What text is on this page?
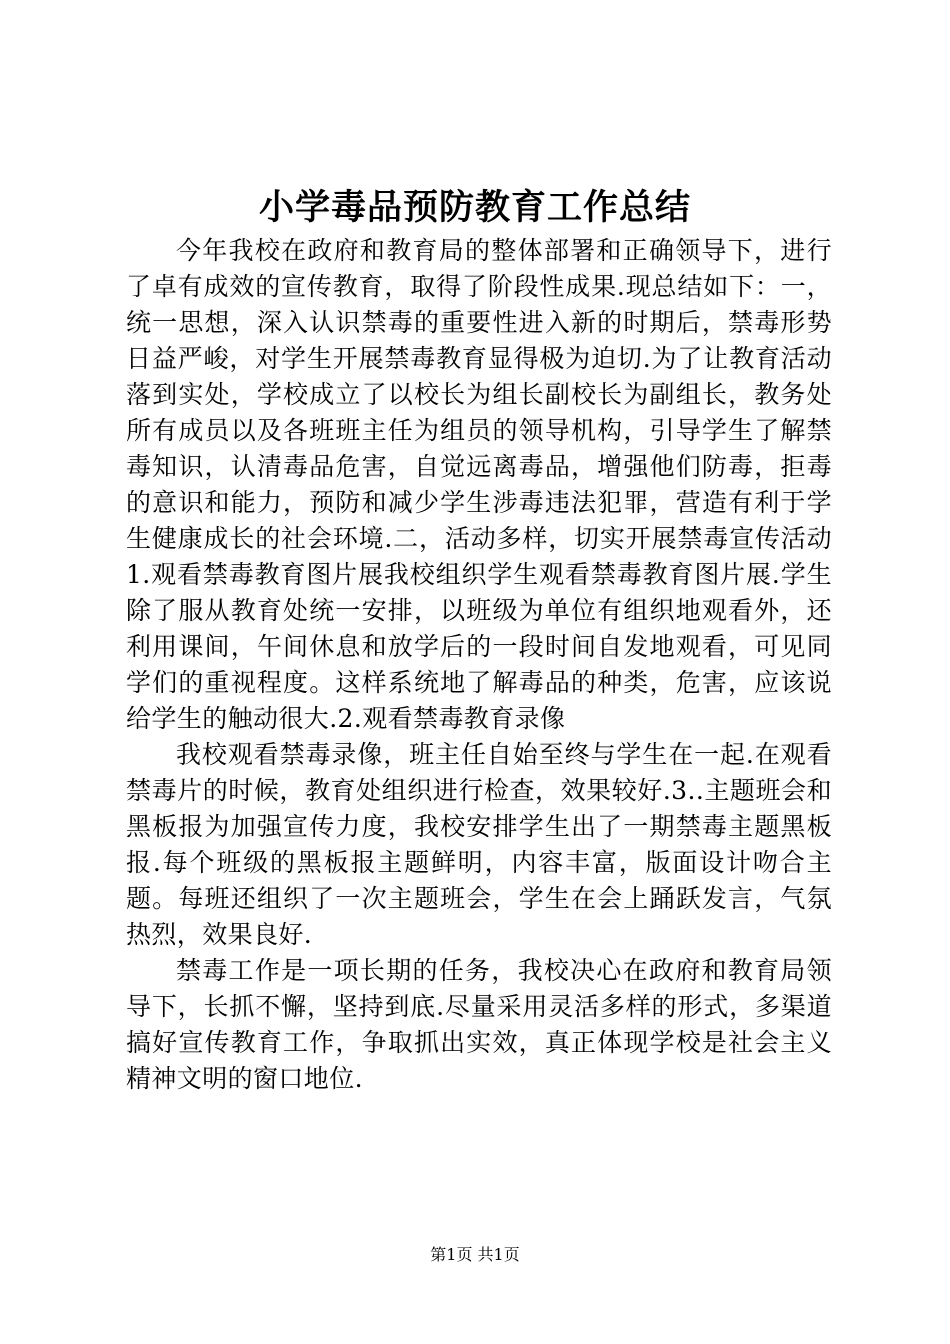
小学毒品预防教育工作总结

今年我校在政府和教育局的整体部署和正确领导下，进行了卓有成效的宣传教育，取得了阶段性成果.现总结如下：一，统一思想，深入认识禁毒的重要性进入新的时期后，禁毒形势日益严峻，对学生开展禁毒教育显得极为迫切.为了让教育活动落到实处，学校成立了以校长为组长副校长为副组长，教务处所有成员以及各班班主任为组员的领导机构，引导学生了解禁毒知识，认清毒品危害，自觉远离毒品，增强他们防毒，拒毒的意识和能力，预防和减少学生涉毒违法犯罪，营造有利于学生健康成长的社会环境.二，活动多样，切实开展禁毒宣传活动1.观看禁毒教育图片展我校组织学生观看禁毒教育图片展.学生除了服从教育处统一安排，以班级为单位有组织地观看外，还利用课间，午间休息和放学后的一段时间自发地观看，可见同学们的重视程度。这样系统地了解毒品的种类，危害，应该说给学生的触动很大.2.观看禁毒教育录像

我校观看禁毒录像，班主任自始至终与学生在一起.在观看禁毒片的时候，教育处组织进行检查，效果较好.3..主题班会和黑板报为加强宣传力度，我校安排学生出了一期禁毒主题黑板报.每个班级的黑板报主题鲜明，内容丰富，版面设计吻合主题。每班还组织了一次主题班会，学生在会上踊跃发言，气氛热烈，效果良好.

禁毒工作是一项长期的任务，我校决心在政府和教育局领导下，长抓不懈，坚持到底.尽量采用灵活多样的形式，多渠道搞好宣传教育工作，争取抓出实效，真正体现学校是社会主义精神文明的窗口地位.

第1页 共1页
